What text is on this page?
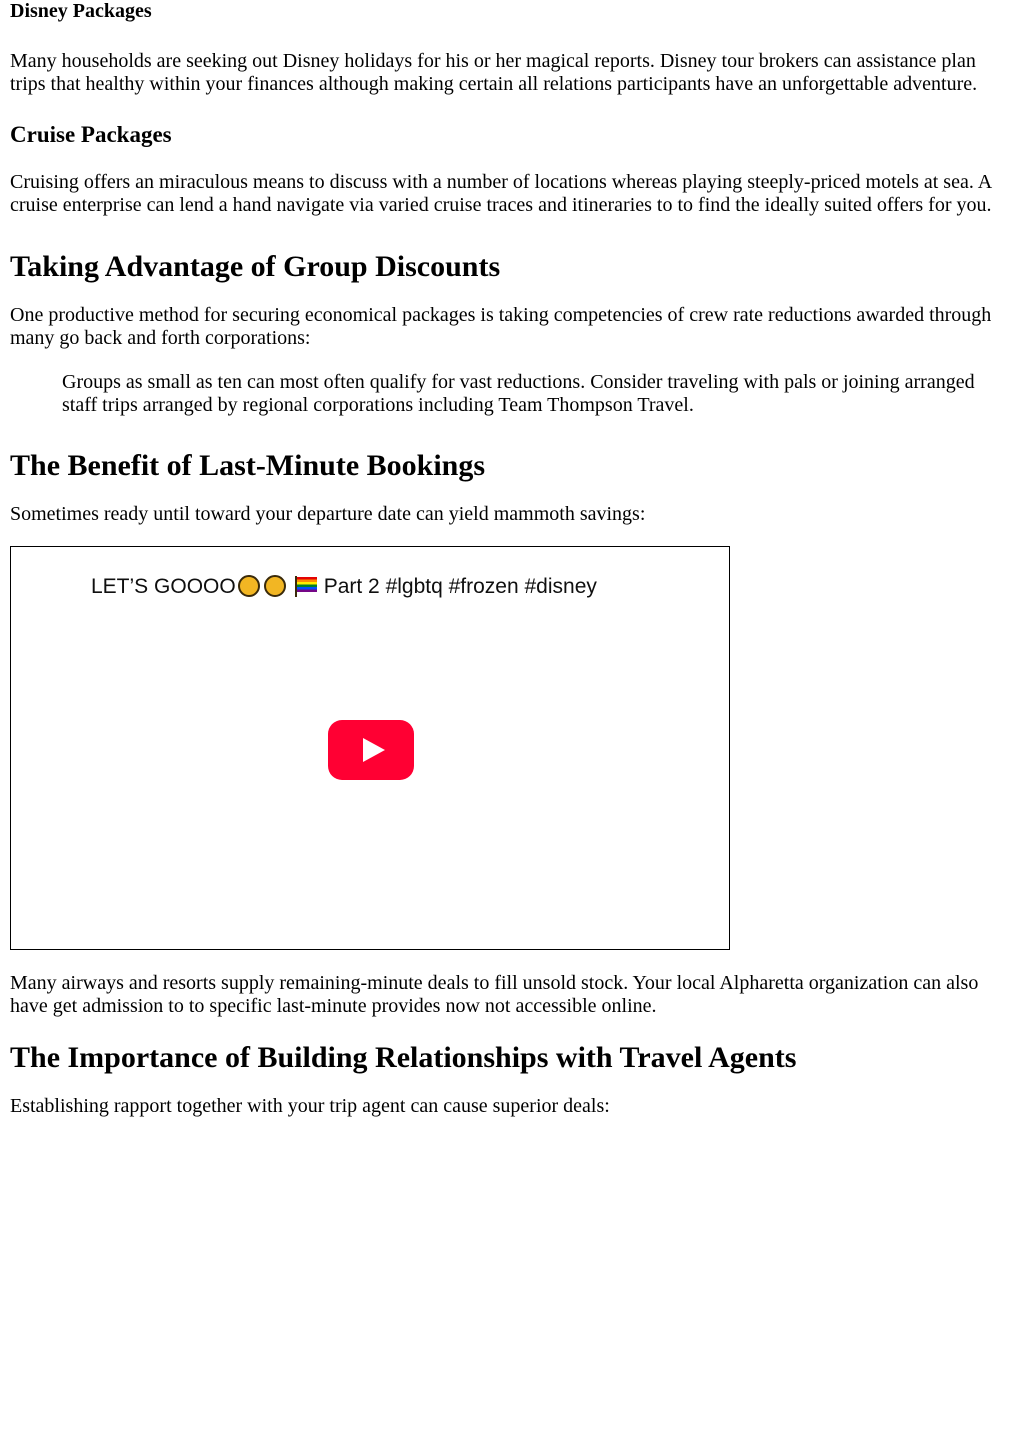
Disney Packages

Many households are seeking out Disney holidays for his or her magical reports. Disney tour brokers can assistance plan trips that healthy within your finances although making certain all relations participants have an unforgettable adventure.

Cruise Packages

Cruising offers an miraculous means to discuss with a number of locations whereas playing steeply-priced motels at sea. A cruise enterprise can lend a hand navigate via varied cruise traces and itineraries to to find the ideally suited offers for you.

Taking Advantage of Group Discounts

One productive method for securing economical packages is taking competencies of crew rate reductions awarded through many go back and forth corporations:

Groups as small as ten can most often qualify for vast reductions. Consider traveling with pals or joining arranged staff trips arranged by regional corporations including Team Thompson Travel.
The Benefit of Last-Minute Bookings

Sometimes ready until toward your departure date can yield mammoth savings:

LET’S GOOOO	Part 2 #lgbtq #frozen #disney

Many airways and resorts supply remaining-minute deals to fill unsold stock. Your local Alpharetta organization can also have get admission to to specific last-minute provides now not accessible online.

The Importance of Building Relationships with Travel Agents

Establishing rapport together with your trip agent can cause superior deals:
